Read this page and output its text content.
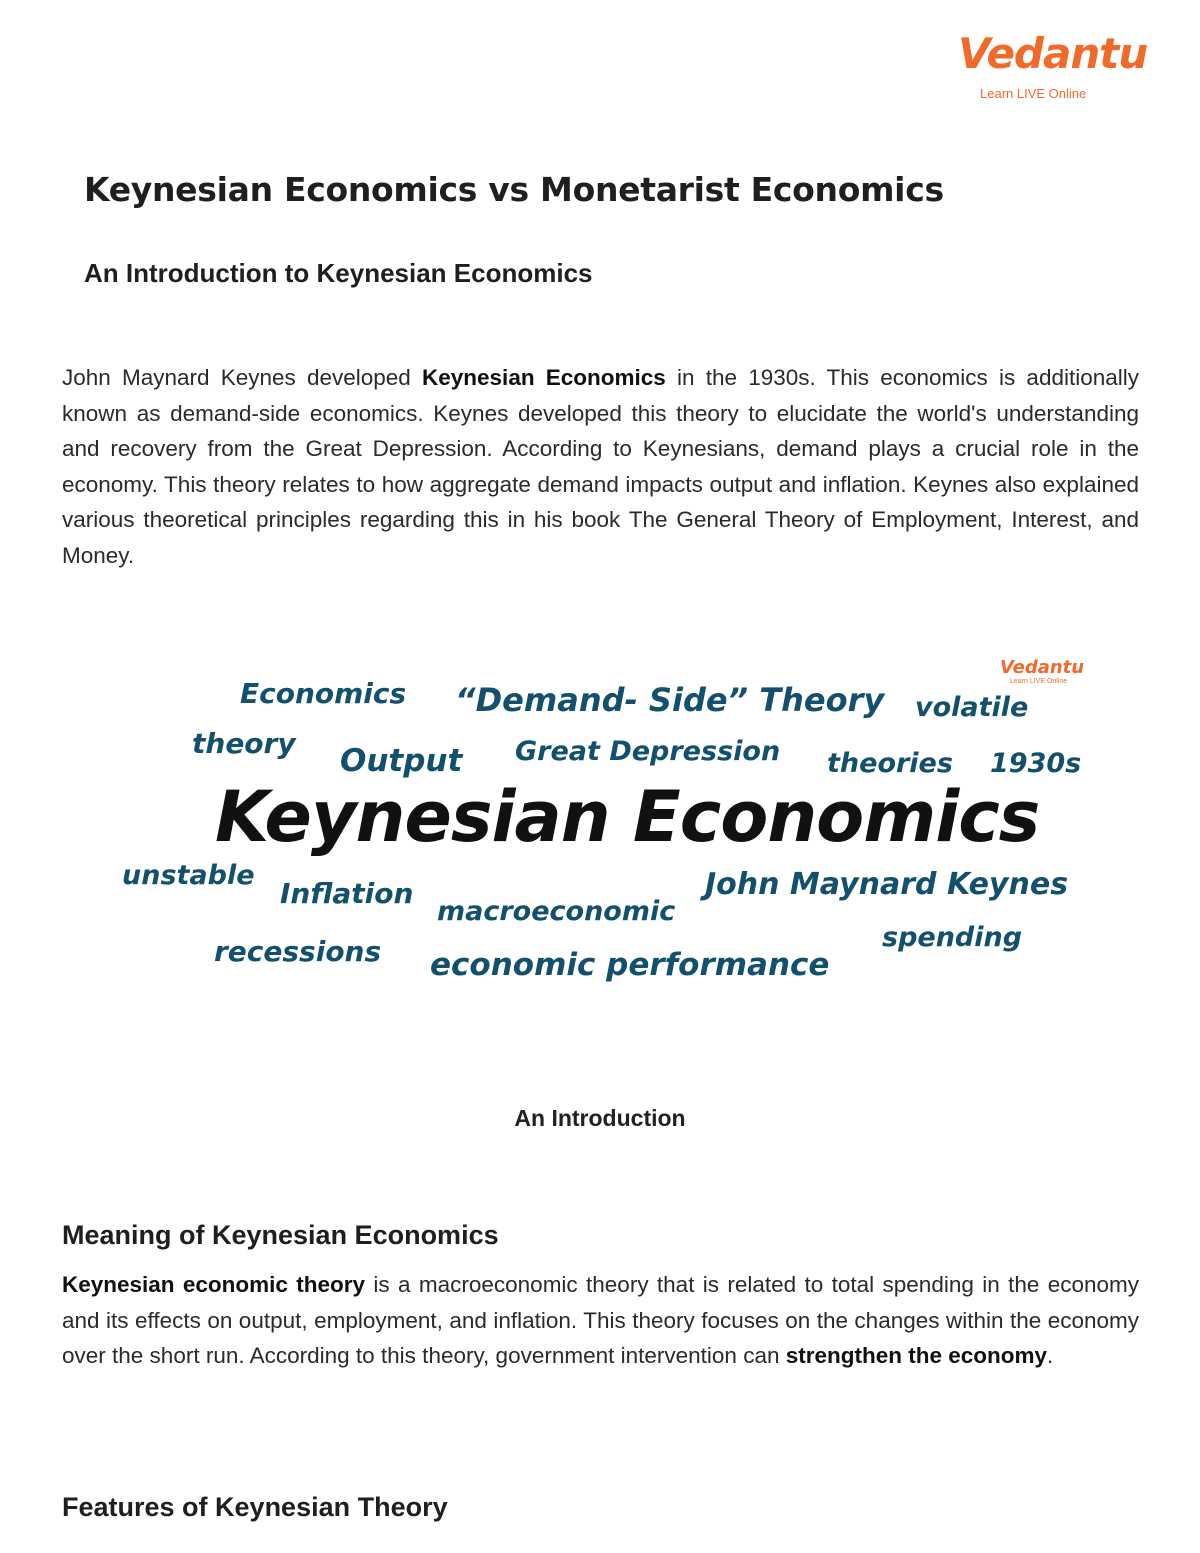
Vedantu
Learn LIVE Online
Keynesian Economics vs Monetarist Economics
An Introduction to Keynesian Economics

John Maynard Keynes developed Keynesian Economics in the 1930s. This economics is additionally known as demand-side economics. Keynes developed this theory to elucidate the world's understanding and recovery from the Great Depression. According to Keynesians, demand plays a crucial role in the economy. This theory relates to how aggregate demand impacts output and inflation. Keynes also explained various theoretical principles regarding this in his book The General Theory of Employment, Interest, and Money.

Vedantu
Learn LIVE Online
Economics “Demand- Side” Theory volatile
theory Output Great Depression theories 1930s
Keynesian Economics
unstable
Inflation
macroeconomic
John Maynard Keynes
spending
recessions economic performance

An Introduction

Meaning of Keynesian Economics

Keynesian economic theory is a macroeconomic theory that is related to total spending in the economy and its effects on output, employment, and inflation. This theory focuses on the changes within the economy over the short run. According to this theory, government intervention can strengthen the economy.

Features of Keynesian Theory
